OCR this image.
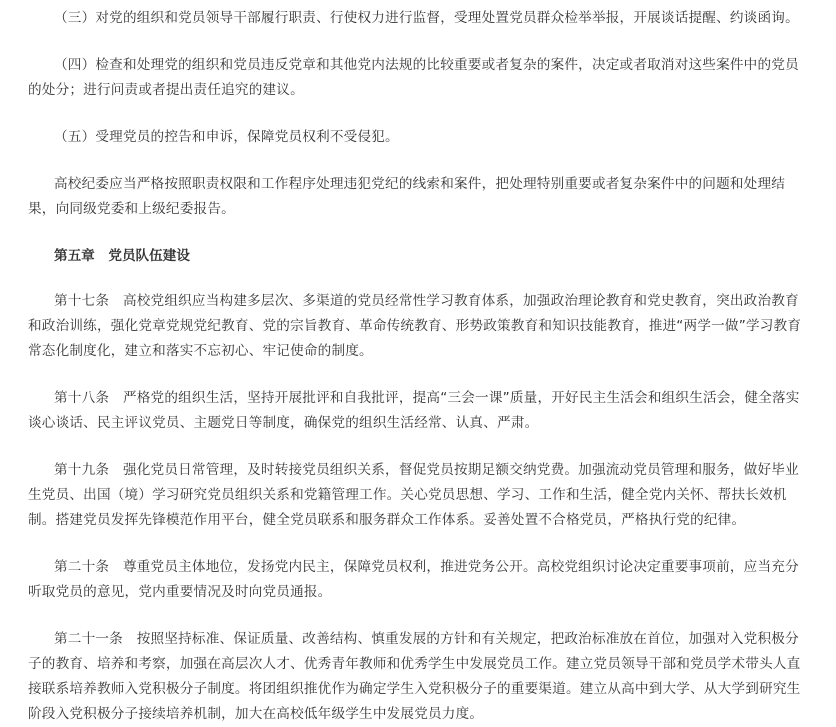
（三）对党的组织和党员领导干部履行职责、行使权力进行监督，受理处置党员群众检举举报，开展谈话提醒、约谈函询。
（四）检查和处理党的组织和党员违反党章和其他党内法规的比较重要或者复杂的案件，决定或者取消对这些案件中的党员
的处分；进行问责或者提出责任追究的建议。
（五）受理党员的控告和申诉，保障党员权利不受侵犯。
高校纪委应当严格按照职责权限和工作程序处理违犯党纪的线索和案件，把处理特别重要或者复杂案件中的问题和处理结
果，向同级党委和上级纪委报告。
第五章　党员队伍建设
第十七条　高校党组织应当构建多层次、多渠道的党员经常性学习教育体系，加强政治理论教育和党史教育，突出政治教育
和政治训练，强化党章党规党纪教育、党的宗旨教育、革命传统教育、形势政策教育和知识技能教育，推进“两学一做”学习教育
常态化制度化，建立和落实不忘初心、牢记使命的制度。
第十八条　严格党的组织生活，坚持开展批评和自我批评，提高“三会一课”质量，开好民主生活会和组织生活会，健全落实
谈心谈话、民主评议党员、主题党日等制度，确保党的组织生活经常、认真、严肃。
第十九条　强化党员日常管理，及时转接党员组织关系，督促党员按期足额交纳党费。加强流动党员管理和服务，做好毕业
生党员、出国（境）学习研究党员组织关系和党籍管理工作。关心党员思想、学习、工作和生活，健全党内关怀、帮扶长效机
制。搭建党员发挥先锋模范作用平台，健全党员联系和服务群众工作体系。妥善处置不合格党员，严格执行党的纪律。
第二十条　尊重党员主体地位，发扬党内民主，保障党员权利，推进党务公开。高校党组织讨论决定重要事项前，应当充分
听取党员的意见，党内重要情况及时向党员通报。
第二十一条　按照坚持标准、保证质量、改善结构、慎重发展的方针和有关规定，把政治标准放在首位，加强对入党积极分
子的教育、培养和考察，加强在高层次人才、优秀青年教师和优秀学生中发展党员工作。建立党员领导干部和党员学术带头人直
接联系培养教师入党积极分子制度。将团组织推优作为确定学生入党积极分子的重要渠道。建立从高中到大学、从大学到研究生
阶段入党积极分子接续培养机制，加大在高校低年级学生中发展党员力度。
